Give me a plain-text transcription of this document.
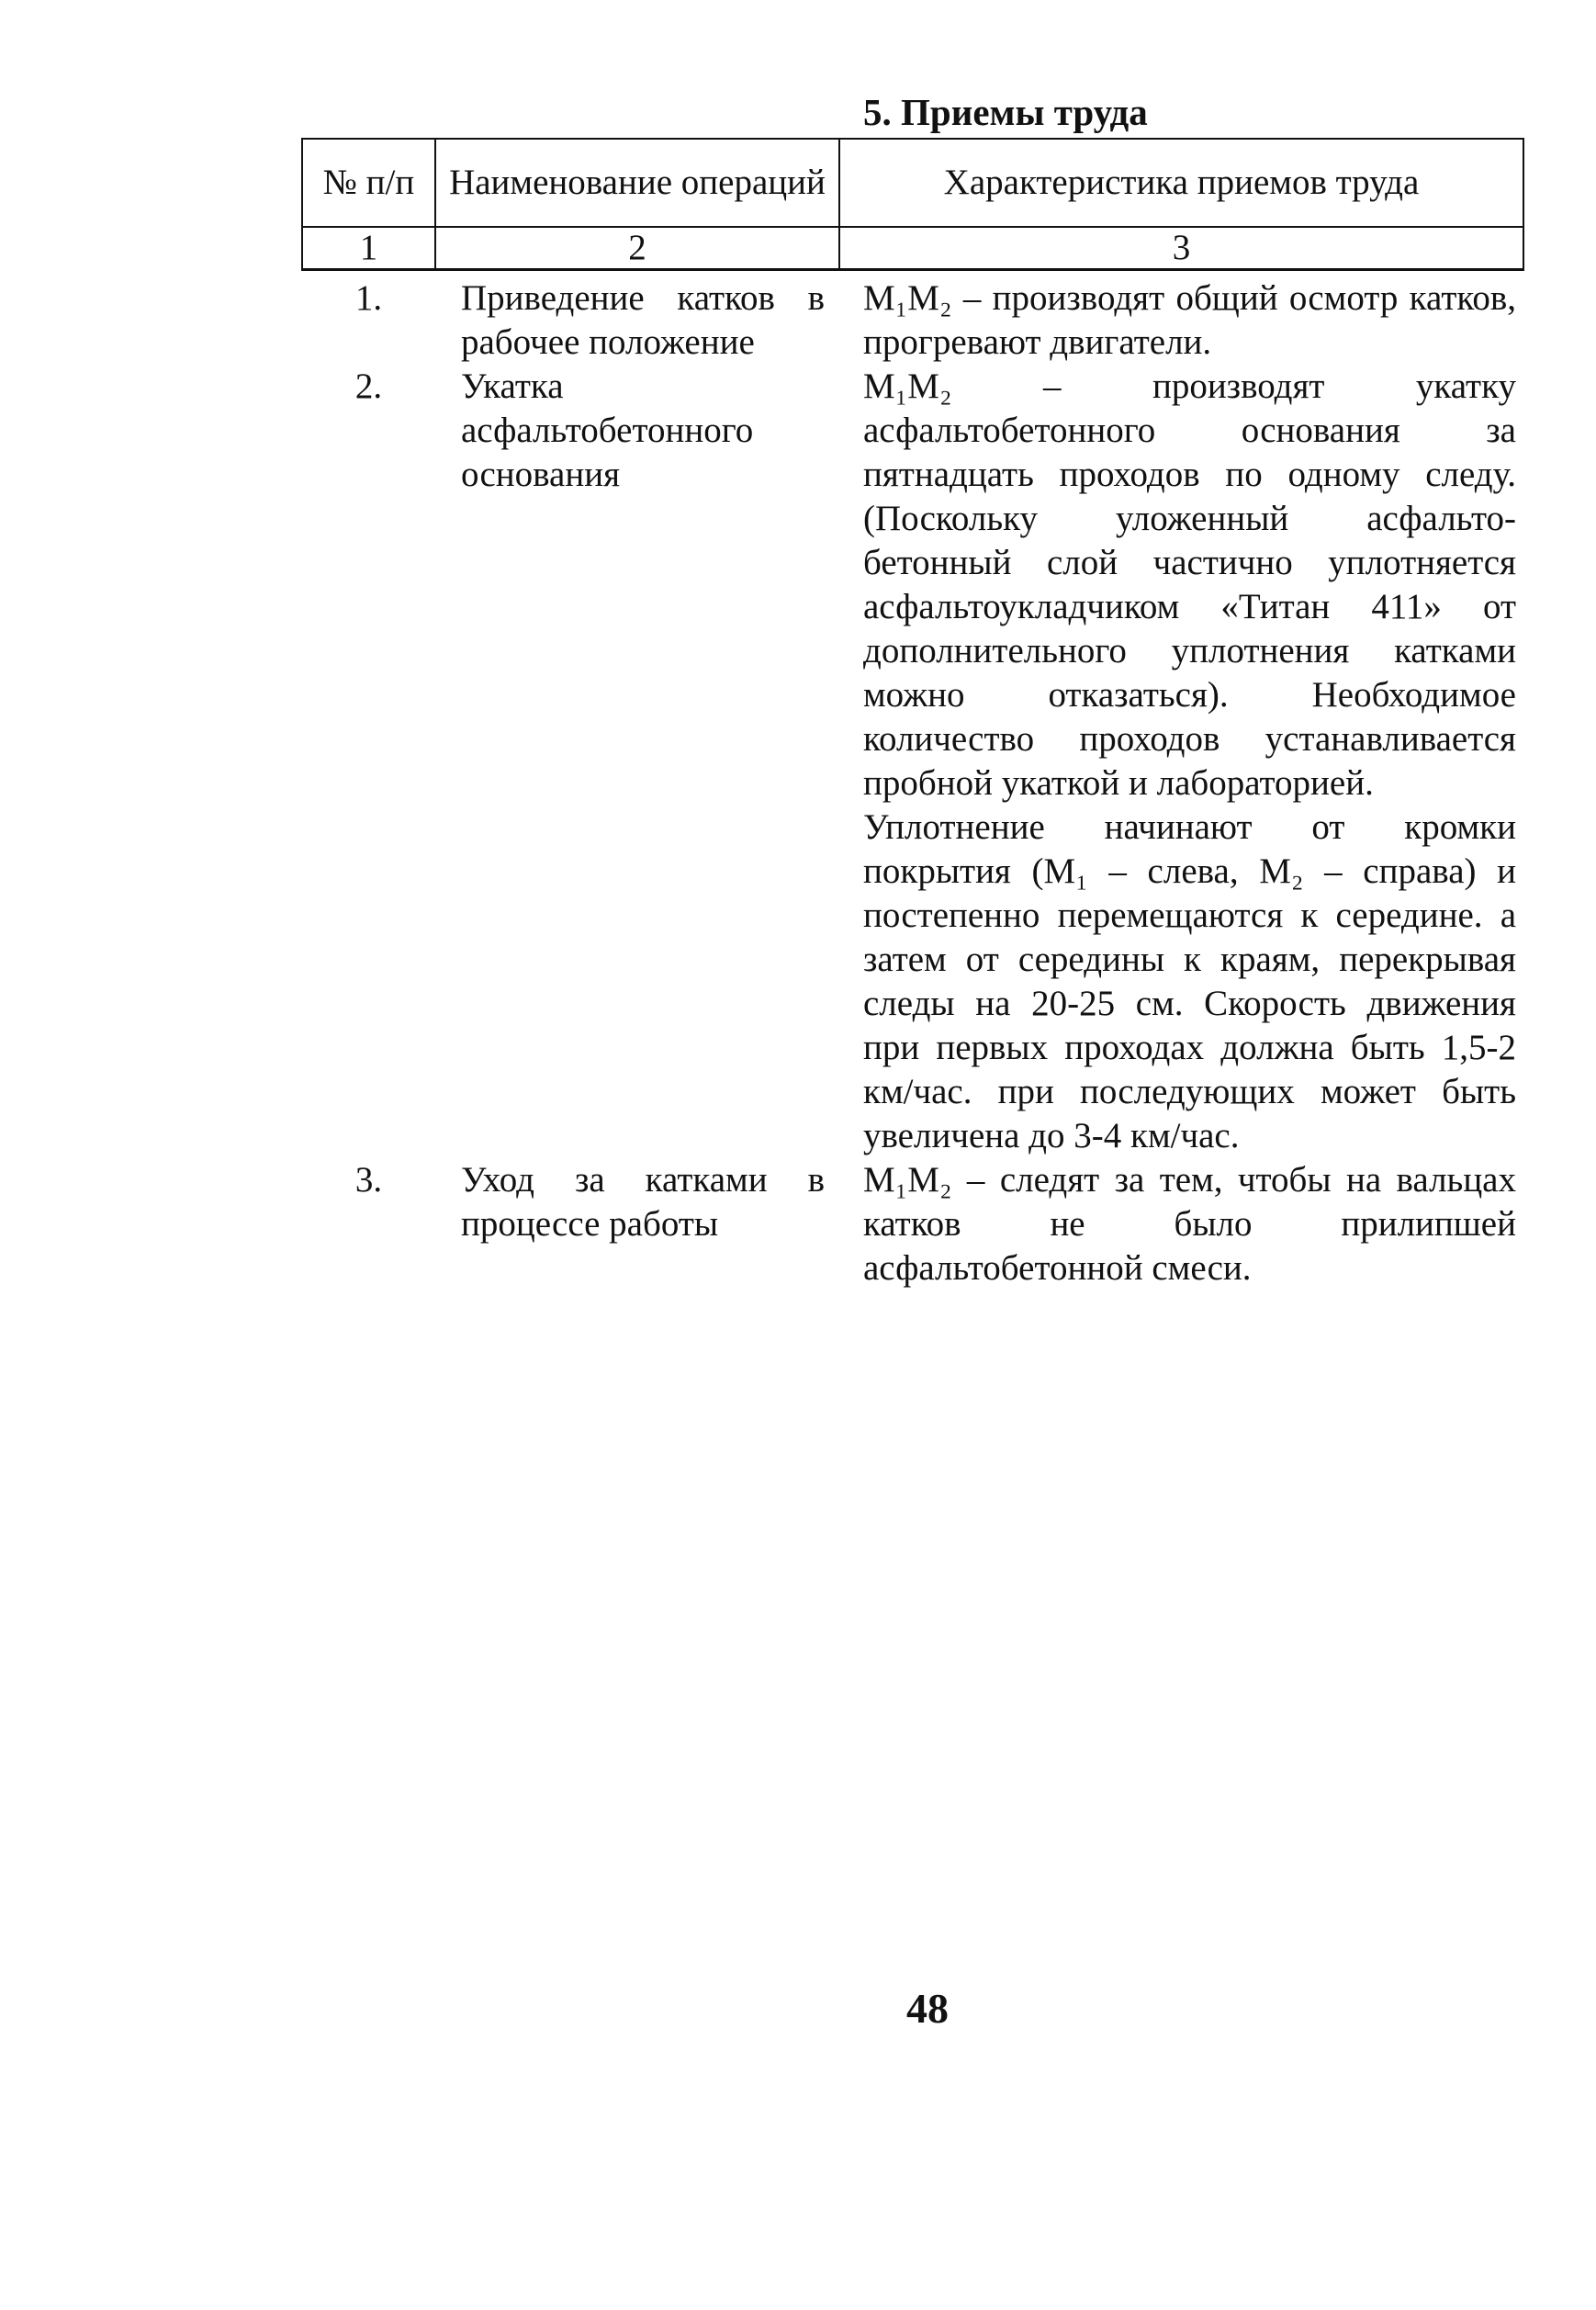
5. Приемы труда
№ п/п	Наименование операций	Характеристика приемов труда
1	2	3
1.	Приведение катков в рабочее положение	M₁M₂ – производят общий осмотр катков, прогревают двигатели.

2.	Укатка асфальтобетонного основания	M₁M₂ – производят укатку асфальтобетонного основания за пятнадцать проходов по одному следу. (Поскольку уложенный асфальто-бетонный слой частично уплотняется асфальтоукладчиком «Титан 411» от дополнительного уплотнения катками можно отказаться). Необходимое количество проходов устанавливается пробной укаткой и лабораторией.

Уплотнение начинают от кромки покрытия (M₁ – слева, M₂ – справа) и постепенно перемещаются к середине. а затем от середины к краям, перекрывая следы на 20-25 см. Скорость движения при первых проходах должна быть 1,5-2 км/час. при последующих может быть увеличена до 3-4 км/час.

3.	Уход за катками в процессе работы	M₁M₂ – следят за тем, чтобы на вальцах катков не было прилипшей асфальтобетонной смеси.

48
